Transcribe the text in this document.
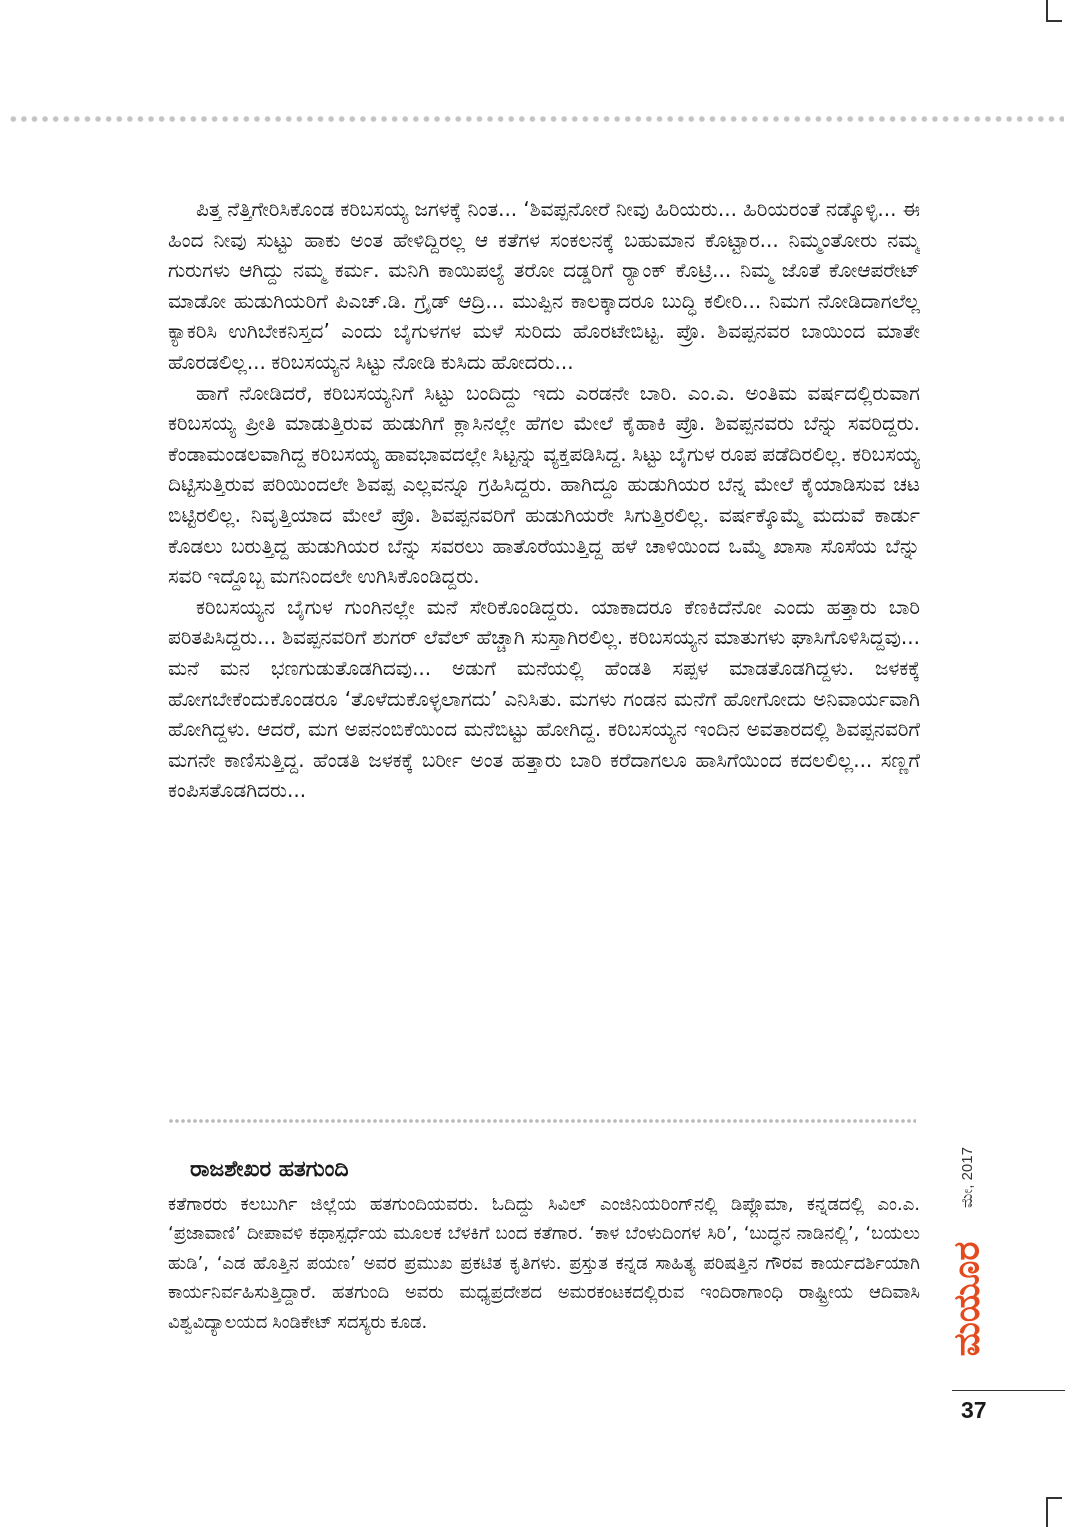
ಪಿತ್ತ ನೆತ್ತಿಗೇರಿಸಿಕೊಂಡ ಕರಿಬಸಯ್ಯ ಜಗಳಕ್ಕೆ ನಿಂತ... ‘ಶಿವಪ್ಪನೋರೆ ನೀವು ಹಿರಿಯರು... ಹಿರಿಯರಂತೆ ನಡ್ಕೊಳ್ಳಿ... ಈ ಹಿಂದ ನೀವು ಸುಟ್ಟು ಹಾಕು ಅಂತ ಹೇಳಿದ್ದಿರಲ್ಲ ಆ ಕತೆಗಳ ಸಂಕಲನಕ್ಕೆ ಬಹುಮಾನ ಕೊಟ್ಟಾರ... ನಿಮ್ಮಂತೋರು ನಮ್ಮ ಗುರುಗಳು ಆಗಿದ್ದು ನಮ್ಮ ಕರ್ಮ. ಮನಿಗಿ ಕಾಯಿಪಲ್ಯೆ ತರೋ ದಡ್ಡರಿಗೆ ರ್‍ಯಾಂಕ್ ಕೊಟ್ರಿ... ನಿಮ್ಮ ಜೊತೆ ಕೋಆಪರೇಟ್ ಮಾಡೋ ಹುಡುಗಿಯರಿಗೆ ಪಿಎಚ್.ಡಿ. ಗ್ರೈಡ್ ಆದ್ರಿ... ಮುಪ್ಪಿನ ಕಾಲಕ್ಕಾದರೂ ಬುದ್ಧಿ ಕಲೀರಿ... ನಿಮಗ ನೋಡಿದಾಗಲೆಲ್ಲ ಕ್ಯಾಕರಿಸಿ ಉಗಿಬೇಕನಿಸ್ತದ’ ಎಂದು ಬೈಗುಳಗಳ ಮಳೆ ಸುರಿದು ಹೊರಟೇಬಿಟ್ಟ. ಪ್ರೊ. ಶಿವಪ್ಪನವರ ಬಾಯಿಂದ ಮಾತೇ ಹೊರಡಲಿಲ್ಲ... ಕರಿಬಸಯ್ಯನ ಸಿಟ್ಟು ನೋಡಿ ಕುಸಿದು ಹೋದರು...

ಹಾಗೆ ನೋಡಿದರೆ, ಕರಿಬಸಯ್ಯನಿಗೆ ಸಿಟ್ಟು ಬಂದಿದ್ದು ಇದು ಎರಡನೇ ಬಾರಿ. ಎಂ.ಎ. ಅಂತಿಮ ವರ್ಷದಲ್ಲಿರುವಾಗ ಕರಿಬಸಯ್ಯ ಪ್ರೀತಿ ಮಾಡುತ್ತಿರುವ ಹುಡುಗಿಗೆ ಕ್ಲಾಸಿನಲ್ಲೇ ಹೆಗಲ ಮೇಲೆ ಕೈಹಾಕಿ ಪ್ರೊ. ಶಿವಪ್ಪನವರು ಬೆನ್ನು ಸವರಿದ್ದರು. ಕೆಂಡಾಮಂಡಲವಾಗಿದ್ದ ಕರಿಬಸಯ್ಯ ಹಾವಭಾವದಲ್ಲೇ ಸಿಟ್ಟನ್ನು ವ್ಯಕ್ತಪಡಿಸಿದ್ದ. ಸಿಟ್ಟು ಬೈಗುಳ ರೂಪ ಪಡೆದಿರಲಿಲ್ಲ. ಕರಿಬಸಯ್ಯ ದಿಟ್ಟಿಸುತ್ತಿರುವ ಪರಿಯಿಂದಲೇ ಶಿವಪ್ಪ ಎಲ್ಲವನ್ನೂ ಗ್ರಹಿಸಿದ್ದರು. ಹಾಗಿದ್ದೂ ಹುಡುಗಿಯರ ಬೆನ್ನ ಮೇಲೆ ಕೈಯಾಡಿಸುವ ಚಟ ಬಿಟ್ಟಿರಲಿಲ್ಲ. ನಿವೃತ್ತಿಯಾದ ಮೇಲೆ ಪ್ರೊ. ಶಿವಪ್ಪನವರಿಗೆ ಹುಡುಗಿಯರೇ ಸಿಗುತ್ತಿರಲಿಲ್ಲ. ವರ್ಷಕ್ಕೊಮ್ಮೆ ಮದುವೆ ಕಾರ್ಡು ಕೊಡಲು ಬರುತ್ತಿದ್ದ ಹುಡುಗಿಯರ ಬೆನ್ನು ಸವರಲು ಹಾತೊರೆಯುತ್ತಿದ್ದ ಹಳೆ ಚಾಳಿಯಿಂದ ಒಮ್ಮೆ ಖಾಸಾ ಸೊಸೆಯ ಬೆನ್ನು ಸವರಿ ಇದ್ದೊಬ್ಬ ಮಗನಿಂದಲೇ ಉಗಿಸಿಕೊಂಡಿದ್ದರು.

ಕರಿಬಸಯ್ಯನ ಬೈಗುಳ ಗುಂಗಿನಲ್ಲೇ ಮನೆ ಸೇರಿಕೊಂಡಿದ್ದರು. ಯಾಕಾದರೂ ಕೆಣಕಿದೆನೋ ಎಂದು ಹತ್ತಾರು ಬಾರಿ ಪರಿತಪಿಸಿದ್ದರು... ಶಿವಪ್ಪನವರಿಗೆ ಶುಗರ್ ಲೆವೆಲ್ ಹೆಚ್ಚಾಗಿ ಸುಸ್ತಾಗಿರಲಿಲ್ಲ. ಕರಿಬಸಯ್ಯನ ಮಾತುಗಳು ಘಾಸಿಗೊಳಿಸಿದ್ದವು... ಮನೆ ಮನ ಭಣಗುಡುತೊಡಗಿದವು... ಅಡುಗೆ ಮನೆಯಲ್ಲಿ ಹೆಂಡತಿ ಸಪ್ಪಳ ಮಾಡತೊಡಗಿದ್ದಳು. ಜಳಕಕ್ಕೆ ಹೋಗಬೇಕೆಂದುಕೊಂಡರೂ ‘ತೊಳೆದುಕೊಳ್ಳಲಾಗದು’ ಎನಿಸಿತು. ಮಗಳು ಗಂಡನ ಮನೆಗೆ ಹೋಗೋದು ಅನಿವಾರ್ಯವಾಗಿ ಹೋಗಿದ್ದಳು. ಆದರೆ, ಮಗ ಅಪನಂಬಿಕೆಯಿಂದ ಮನೆಬಿಟ್ಟು ಹೋಗಿದ್ದ. ಕರಿಬಸಯ್ಯನ ಇಂದಿನ ಅವತಾರದಲ್ಲಿ ಶಿವಪ್ಪನವರಿಗೆ ಮಗನೇ ಕಾಣಿಸುತ್ತಿದ್ದ. ಹೆಂಡತಿ ಜಳಕಕ್ಕೆ ಬರ್ರೀ ಅಂತ ಹತ್ತಾರು ಬಾರಿ ಕರೆದಾಗಲೂ ಹಾಸಿಗೆಯಿಂದ ಕದಲಲಿಲ್ಲ... ಸಣ್ಣಗೆ ಕಂಪಿಸತೊಡಗಿದರು...

ರಾಜಶೇಖರ ಹತಗುಂದಿ

ಕತೆಗಾರರು ಕಲಬುರ್ಗಿ ಜಿಲ್ಲೆಯ ಹತಗುಂದಿಯವರು. ಓದಿದ್ದು ಸಿವಿಲ್ ಎಂಜಿನಿಯರಿಂಗ್‌ನಲ್ಲಿ ಡಿಪ್ಲೊಮಾ, ಕನ್ನಡದಲ್ಲಿ ಎಂ.ಎ. ‘ಪ್ರಜಾವಾಣಿ’ ದೀಪಾವಳಿ ಕಥಾಸ್ಪರ್ಧೆಯ ಮೂಲಕ ಬೆಳಕಿಗೆ ಬಂದ ಕತೆಗಾರ. ‘ಕಾಳ ಬೆಂಳುದಿಂಗಳ ಸಿರಿ’, ‘ಬುದ್ಧನ ನಾಡಿನಲ್ಲಿ’, ‘ಬಯಲು ಹುಡಿ’, ‘ಎಡ ಹೊತ್ತಿನ ಪಯಣ’ ಅವರ ಪ್ರಮುಖ ಪ್ರಕಟಿತ ಕೃತಿಗಳು. ಪ್ರಸ್ತುತ ಕನ್ನಡ ಸಾಹಿತ್ಯ ಪರಿಷತ್ತಿನ ಗೌರವ ಕಾರ್ಯದರ್ಶಿಯಾಗಿ ಕಾರ್ಯನಿರ್ವಹಿಸುತ್ತಿದ್ದಾರೆ. ಹತಗುಂದಿ ಅವರು ಮಧ್ಯಪ್ರದೇಶದ ಅಮರಕಂಟಕದಲ್ಲಿರುವ ಇಂದಿರಾಗಾಂಧಿ ರಾಷ್ಟ್ರೀಯ ಆದಿವಾಸಿ ವಿಶ್ವವಿದ್ಯಾಲಯದ ಸಿಂಡಿಕೇಟ್ ಸದಸ್ಯರು ಕೂಡ.

ಮೇ, 2017
ಮಯೂರ
37
